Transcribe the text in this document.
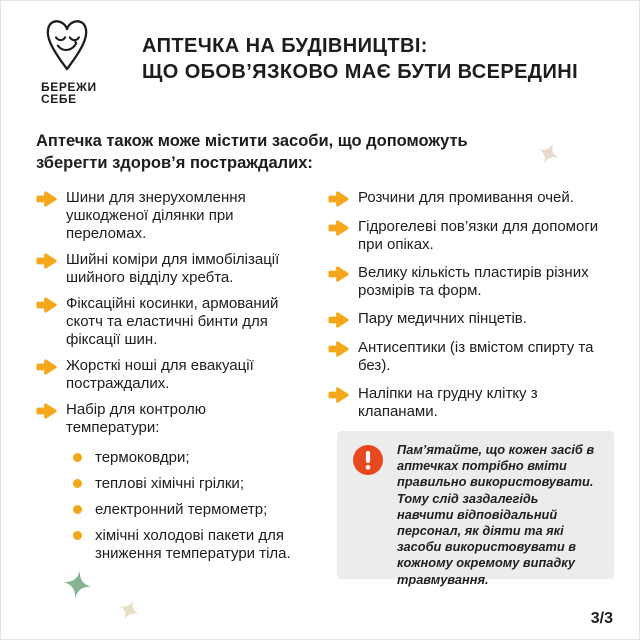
БЕРЕЖИ
СЕБЕ
АПТЕЧКА НА БУДІВНИЦТВІ:
ЩО ОБОВ’ЯЗКОВО МАЄ БУТИ ВСЕРЕДИНІ
Аптечка також може містити засоби, що допоможуть зберегти здоров’я постраждалих:
Шини для знерухомлення ушкодженої ділянки при переломах.
Шийні коміри для іммобілізації шийного відділу хребта.
Фіксаційні косинки, армований скотч та еластичні бинти для фіксації шин.
Жорсткі ноші для евакуації постраждалих.
Набір для контролю температури:
термоковдри;
теплові хімічні грілки;
електронний термометр;
хімічні холодові пакети для зниження температури тіла.
Розчини для промивання очей.
Гідрогелеві пов’язки для допомоги при опіках.
Велику кількість пластирів різних розмірів та форм.
Пару медичних пінцетів.
Антисептики (із вмістом спирту та без).
Наліпки на грудну клітку з клапанами.
Пам’ятайте, що кожен засіб в аптечках потрібно вміти правильно використовувати. Тому слід заздалегідь навчити відповідальний персонал, як діяти та які засоби використовувати в кожному окремому випадку травмування.
3/3
